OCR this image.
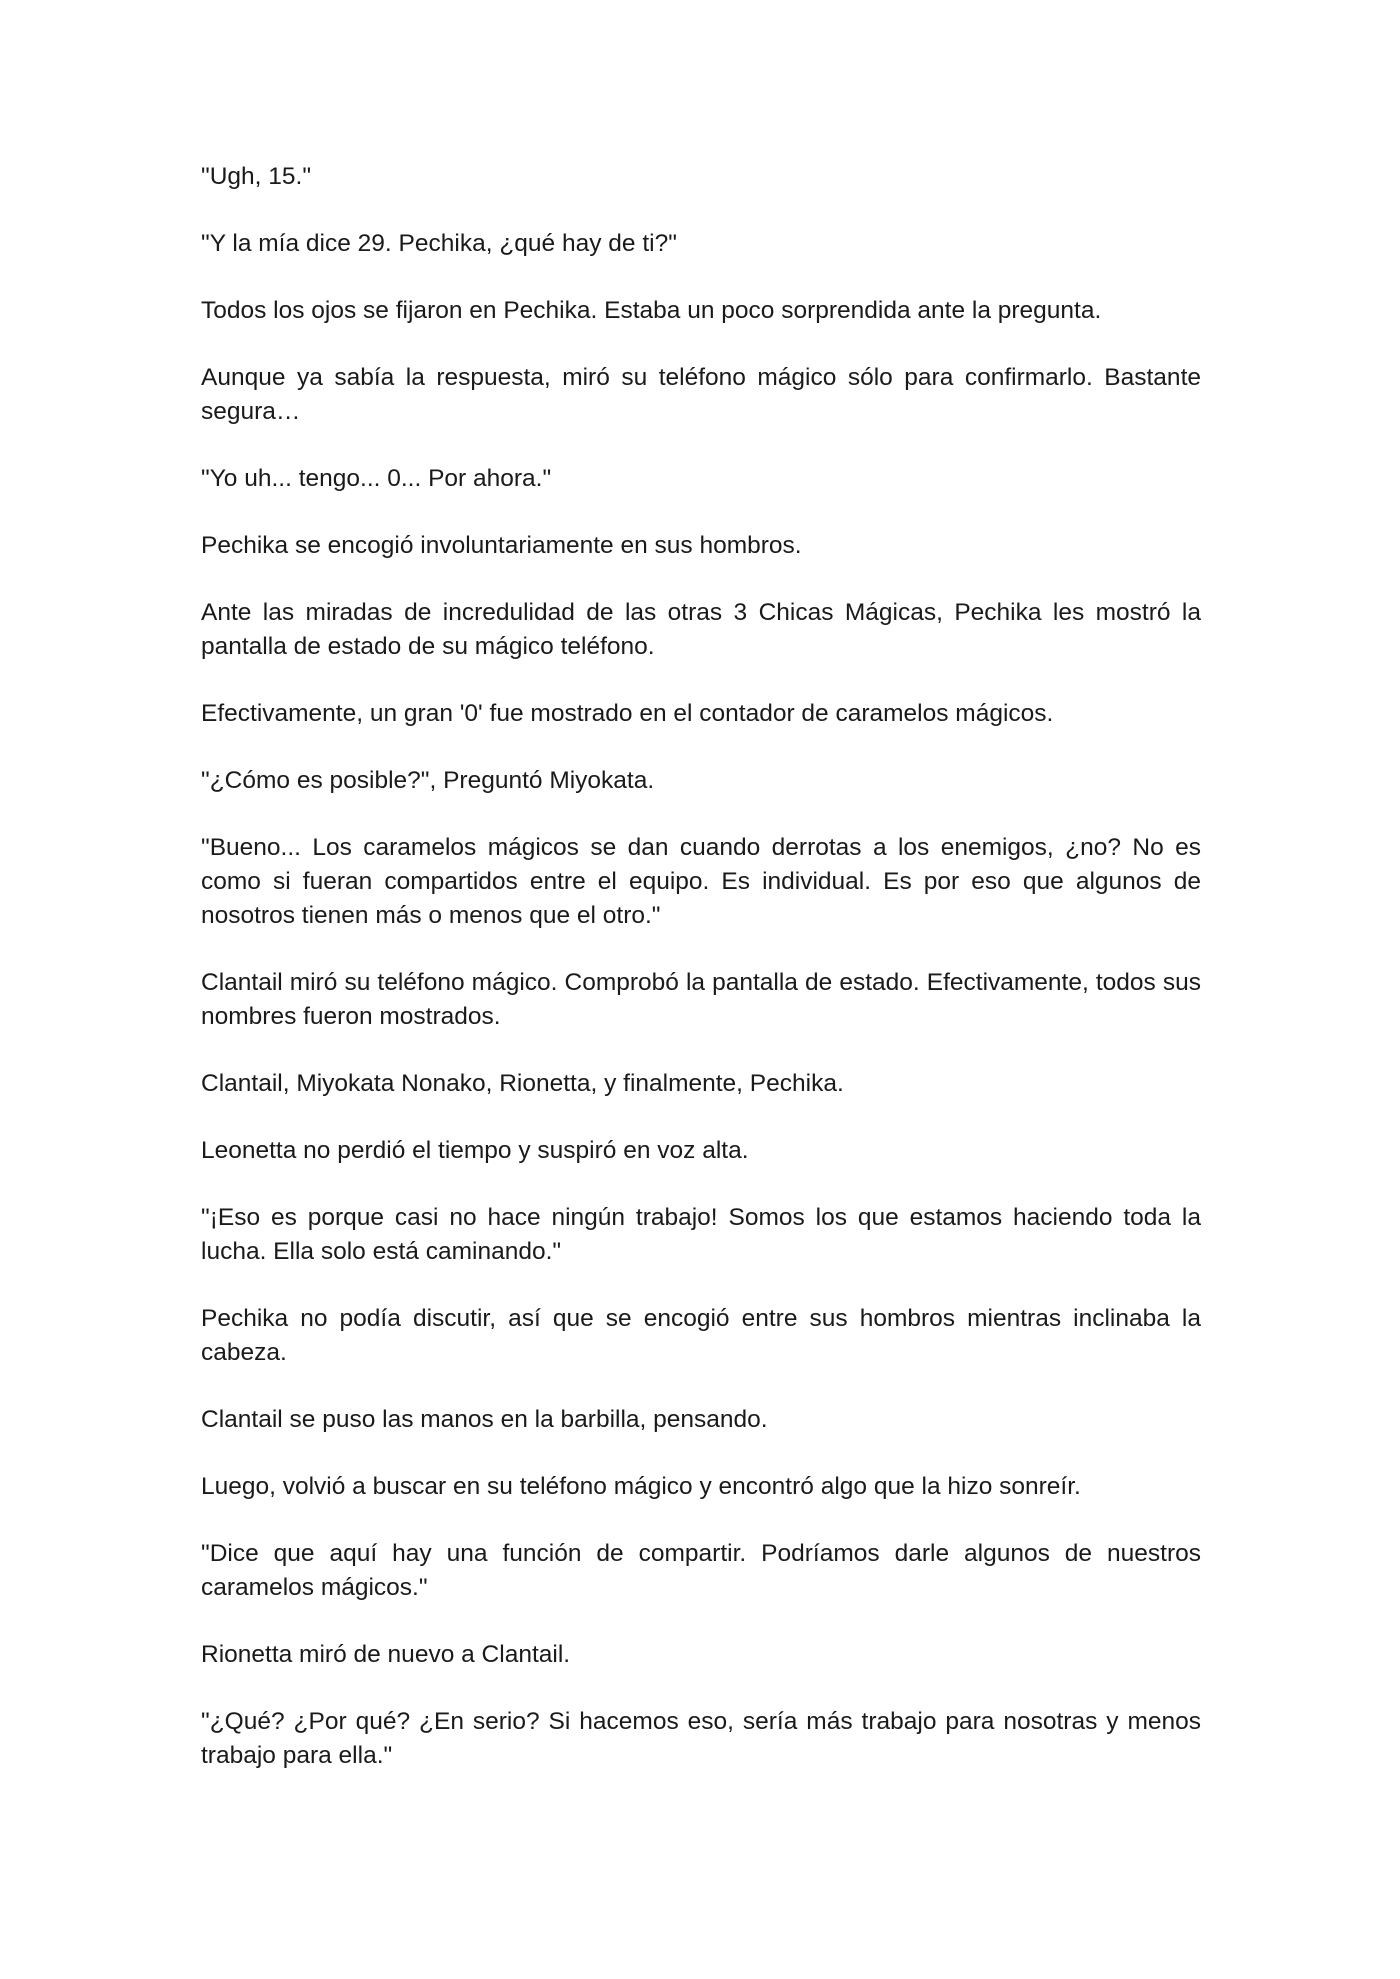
"Ugh, 15."

"Y la mía dice 29. Pechika, ¿qué hay de ti?"

Todos los ojos se fijaron en Pechika. Estaba un poco sorprendida ante la pregunta.

Aunque ya sabía la respuesta, miró su teléfono mágico sólo para confirmarlo. Bastante segura…

"Yo uh... tengo... 0... Por ahora."

Pechika se encogió involuntariamente en sus hombros.

Ante las miradas de incredulidad de las otras 3 Chicas Mágicas, Pechika les mostró la pantalla de estado de su mágico teléfono.

Efectivamente, un gran '0' fue mostrado en el contador de caramelos mágicos.

"¿Cómo es posible?", Preguntó Miyokata.

"Bueno... Los caramelos mágicos se dan cuando derrotas a los enemigos, ¿no? No es como si fueran compartidos entre el equipo. Es individual. Es por eso que algunos de nosotros tienen más o menos que el otro."

Clantail miró su teléfono mágico. Comprobó la pantalla de estado. Efectivamente, todos sus nombres fueron mostrados.

Clantail, Miyokata Nonako, Rionetta, y finalmente, Pechika.

Leonetta no perdió el tiempo y suspiró en voz alta.

"¡Eso es porque casi no hace ningún trabajo! Somos los que estamos haciendo toda la lucha. Ella solo está caminando."

Pechika no podía discutir, así que se encogió entre sus hombros mientras inclinaba la cabeza.

Clantail se puso las manos en la barbilla, pensando.

Luego, volvió a buscar en su teléfono mágico y encontró algo que la hizo sonreír.

"Dice que aquí hay una función de compartir. Podríamos darle algunos de nuestros caramelos mágicos."

Rionetta miró de nuevo a Clantail.

"¿Qué? ¿Por qué? ¿En serio? Si hacemos eso, sería más trabajo para nosotras y menos trabajo para ella."
